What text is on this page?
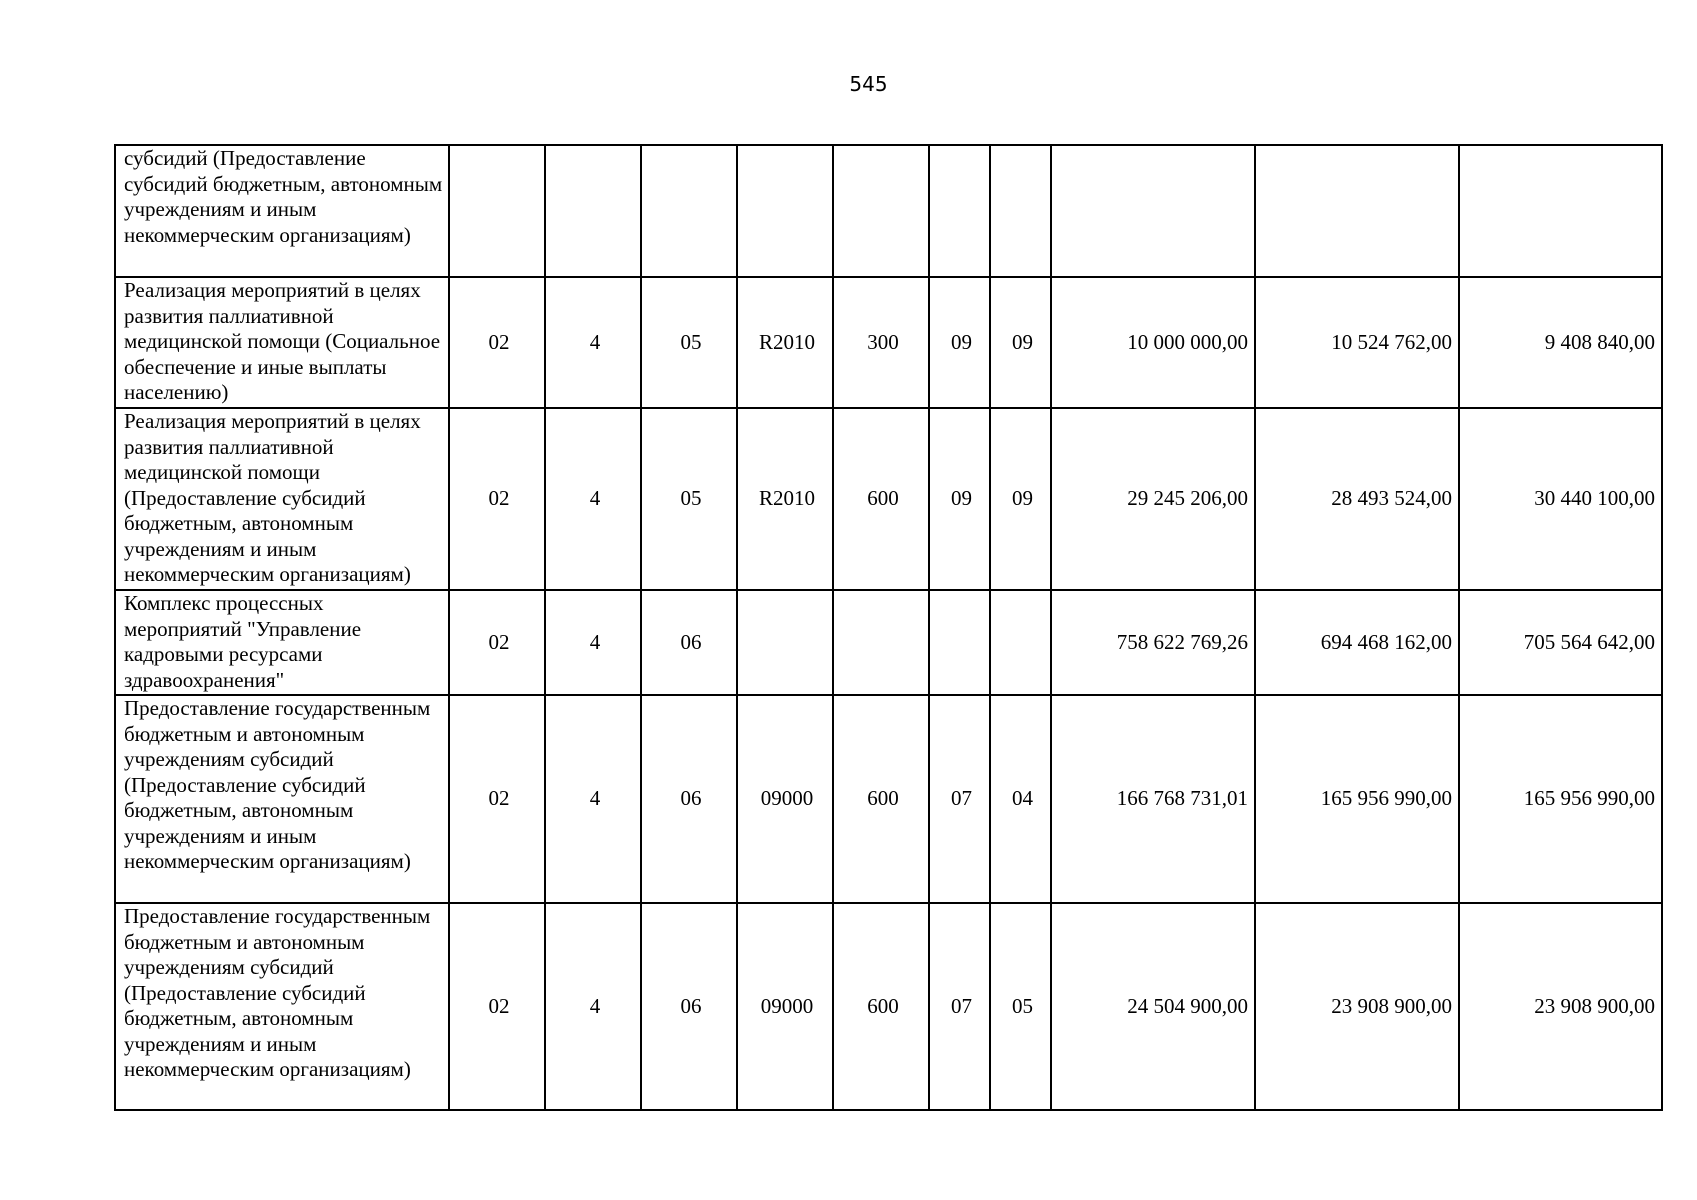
545
субсидий (Предоставление субсидий бюджетным, автономным учреждениям и иным некоммерческим организациям)										
Реализация мероприятий в целях развития паллиативной медицинской помощи (Социальное обеспечение и иные выплаты населению)	02	4	05	R2010	300	09	09	10 000 000,00	10 524 762,00	9 408 840,00
Реализация мероприятий в целях развития паллиативной медицинской помощи (Предоставление субсидий бюджетным, автономным учреждениям и иным некоммерческим организациям)	02	4	05	R2010	600	09	09	29 245 206,00	28 493 524,00	30 440 100,00
Комплекс процессных мероприятий "Управление кадровыми ресурсами здравоохранения"	02	4	06					758 622 769,26	694 468 162,00	705 564 642,00
Предоставление государственным бюджетным и автономным учреждениям субсидий (Предоставление субсидий бюджетным, автономным учреждениям и иным некоммерческим организациям)	02	4	06	09000	600	07	04	166 768 731,01	165 956 990,00	165 956 990,00
Предоставление государственным бюджетным и автономным учреждениям субсидий (Предоставление субсидий бюджетным, автономным учреждениям и иным некоммерческим организациям)	02	4	06	09000	600	07	05	24 504 900,00	23 908 900,00	23 908 900,00
